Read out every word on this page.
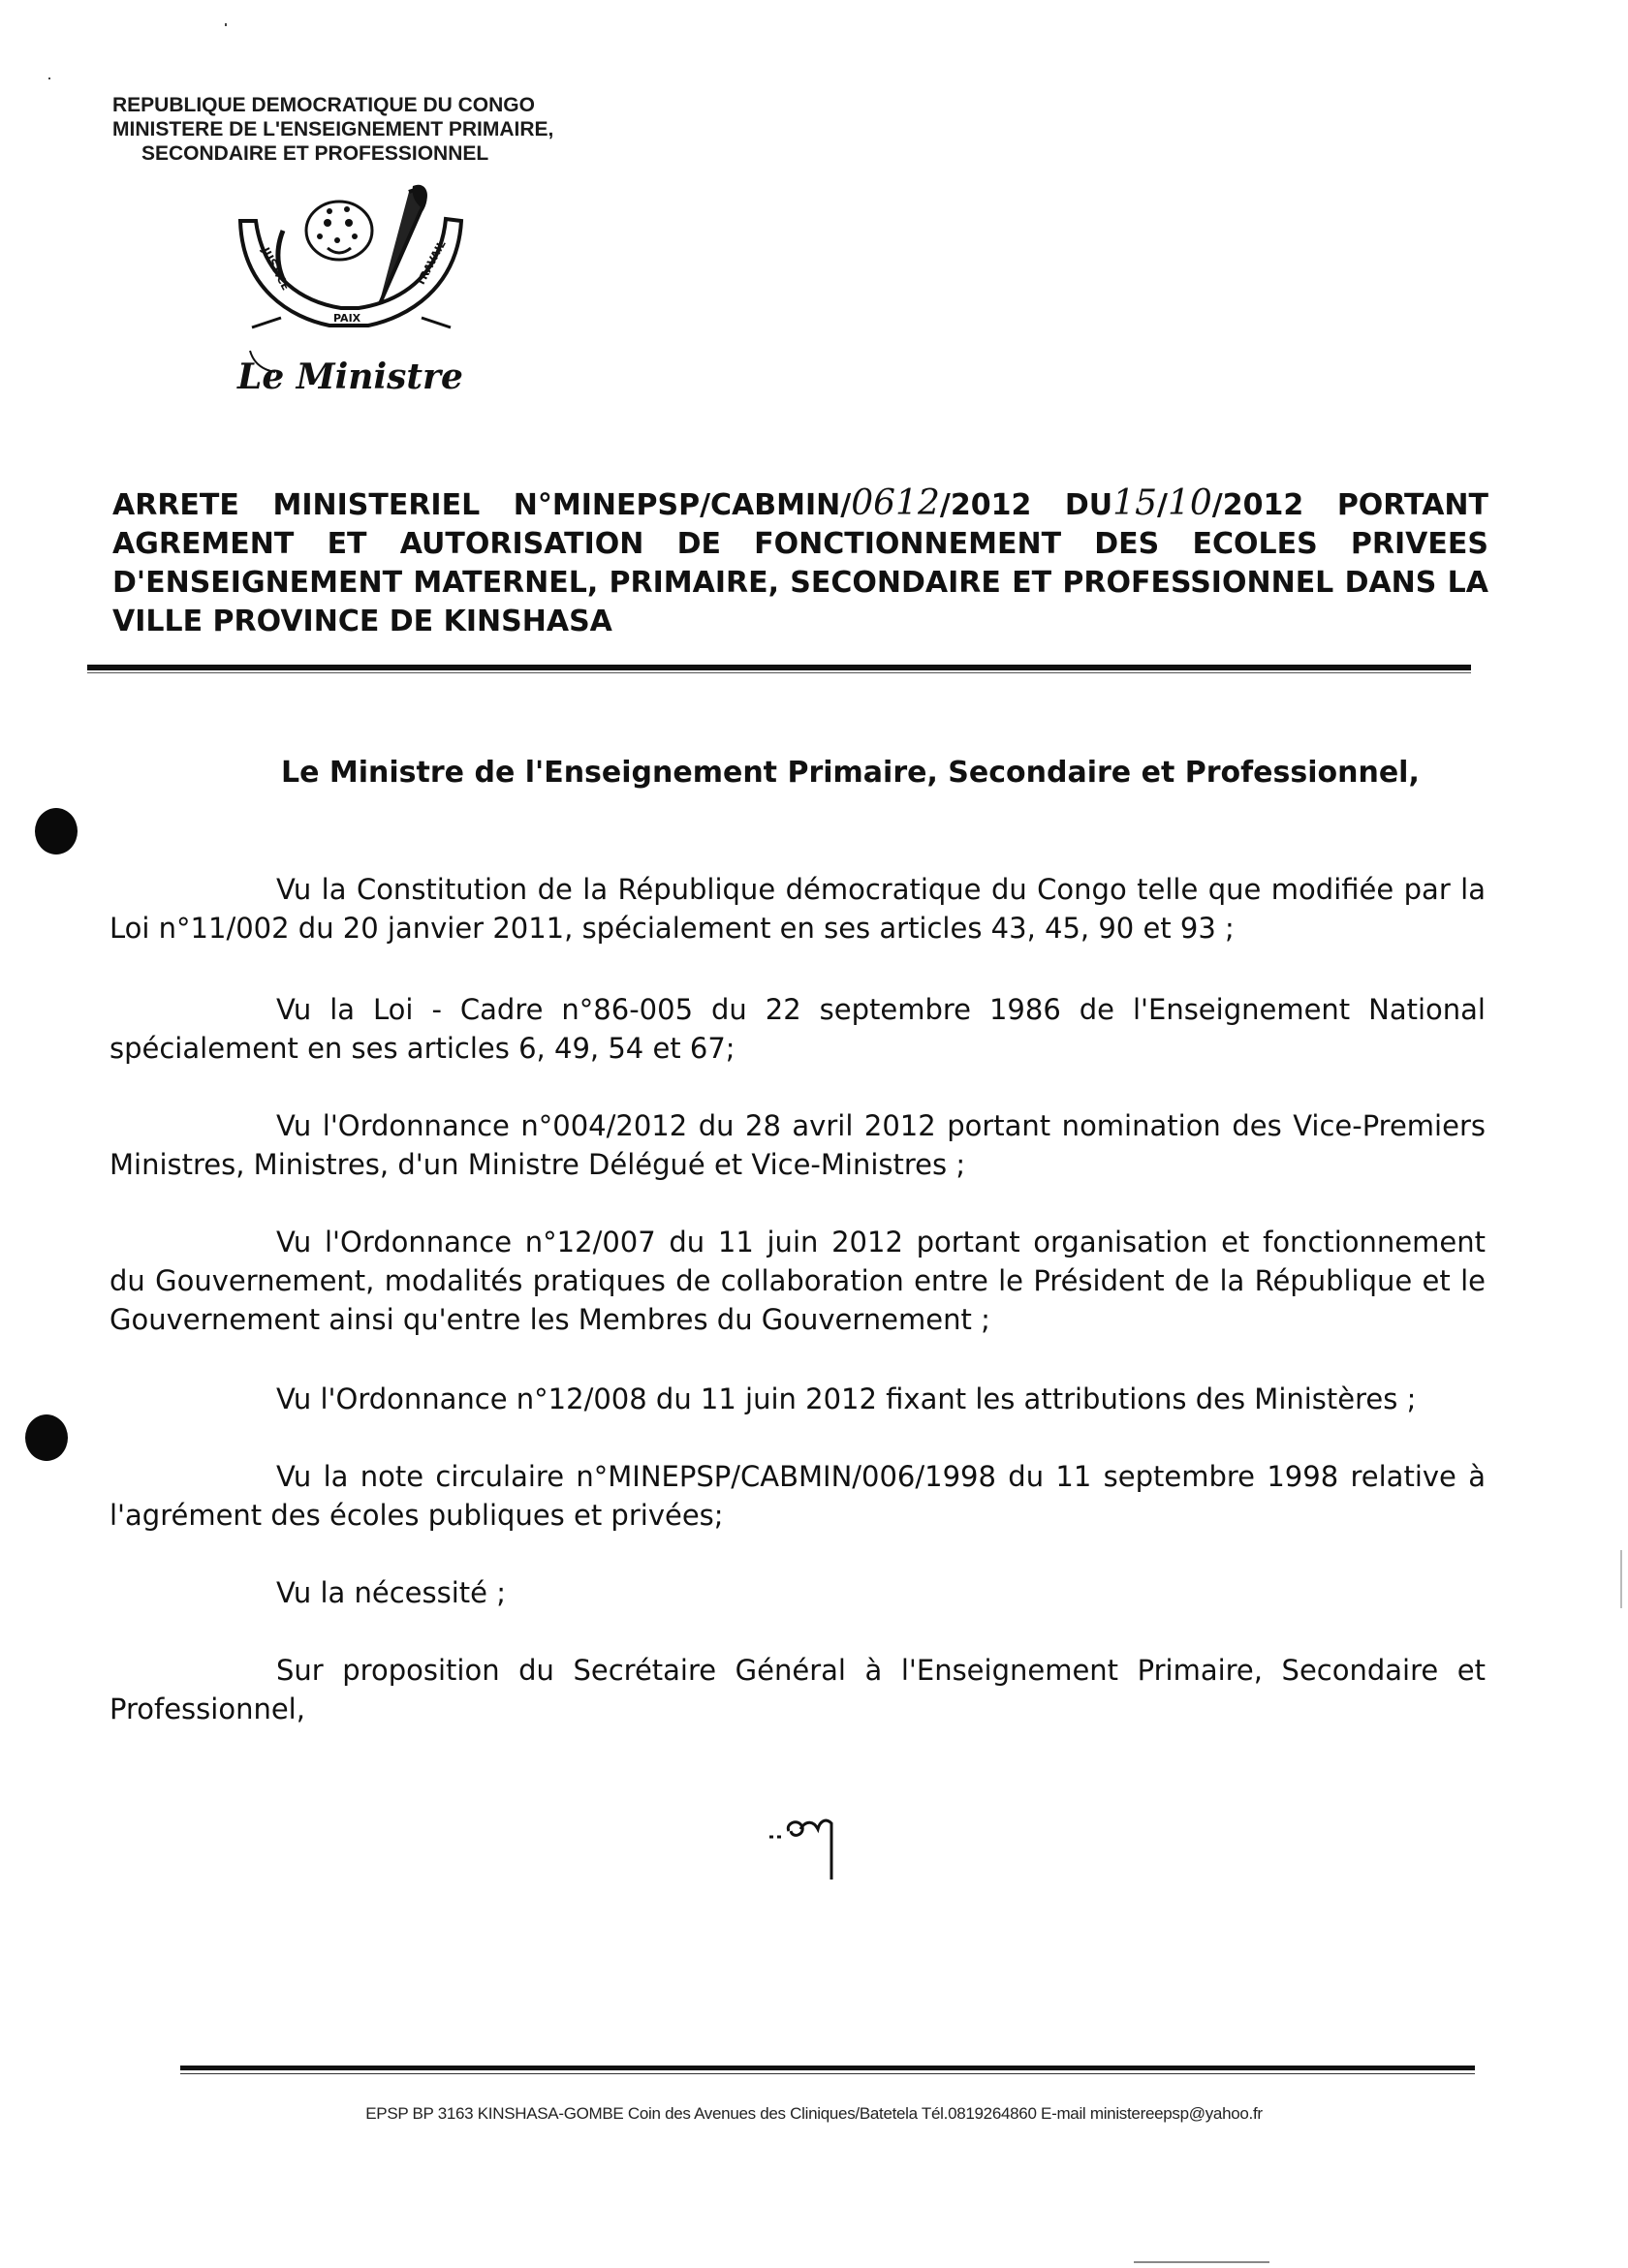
REPUBLIQUE DEMOCRATIQUE DU CONGO
MINISTERE DE L'ENSEIGNEMENT PRIMAIRE,
SECONDAIRE ET PROFESSIONNEL
JUSTICE
PAIX
TRAVAIL
Le Ministre
ARRETE MINISTERIEL N°MINEPSP/CABMIN/0612/2012 DU15/10/2012 PORTANT AGREMENT ET AUTORISATION DE FONCTIONNEMENT DES ECOLES PRIVEES D'ENSEIGNEMENT MATERNEL, PRIMAIRE, SECONDAIRE ET PROFESSIONNEL DANS LA VILLE PROVINCE DE KINSHASA
Le Ministre de l'Enseignement Primaire, Secondaire et Professionnel,
Vu la Constitution de la République démocratique du Congo telle que modifiée par la Loi n°11/002 du 20 janvier 2011, spécialement en ses articles 43, 45, 90 et 93 ;
Vu la Loi - Cadre n°86-005 du 22 septembre 1986 de l'Enseignement National spécialement en ses articles 6, 49, 54 et 67;
Vu l'Ordonnance n°004/2012 du 28 avril 2012 portant nomination des Vice-Premiers Ministres, Ministres, d'un Ministre Délégué et Vice-Ministres ;
Vu l'Ordonnance n°12/007 du 11 juin 2012 portant organisation et fonctionnement du Gouvernement, modalités pratiques de collaboration entre le Président de la République et le Gouvernement ainsi qu'entre les Membres du Gouvernement ;
Vu l'Ordonnance n°12/008 du 11 juin 2012 fixant les attributions des Ministères ;
Vu la note circulaire n°MINEPSP/CABMIN/006/1998 du 11 septembre 1998 relative à l'agrément des écoles publiques et privées;
Vu la nécessité ;
Sur proposition du Secrétaire Général à l'Enseignement Primaire, Secondaire et Professionnel,
EPSP BP 3163 KINSHASA-GOMBE Coin des Avenues des Cliniques/Batetela Tél.0819264860 E-mail ministereepsp@yahoo.fr
